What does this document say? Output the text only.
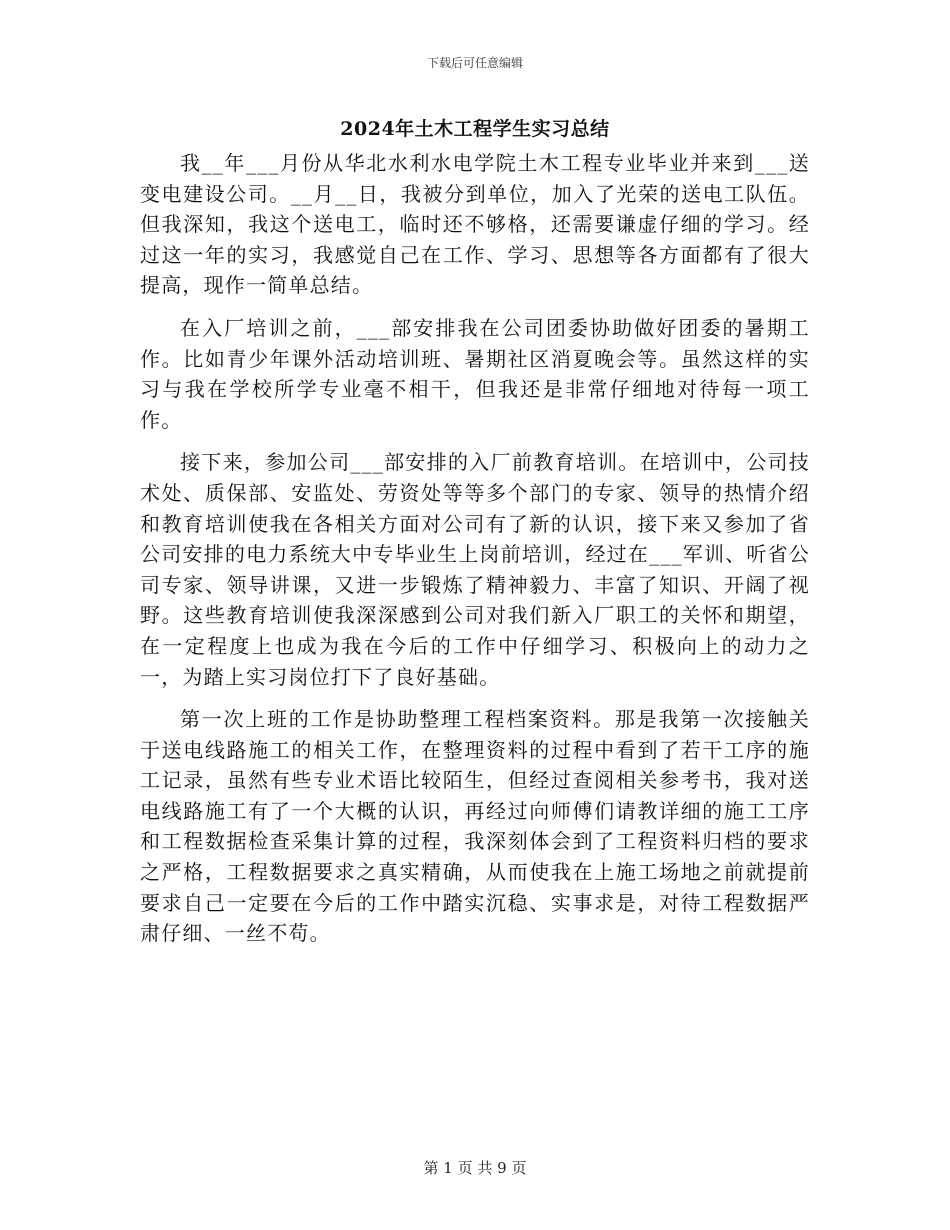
下载后可任意编辑
2024年土木工程学生实习总结

我__年___月份从华北水利水电学院土木工程专业毕业并来到___送变电建设公司。__月__日，我被分到单位，加入了光荣的送电工队伍。但我深知，我这个送电工，临时还不够格，还需要谦虚仔细的学习。经过这一年的实习，我感觉自己在工作、学习、思想等各方面都有了很大提高，现作一简单总结。

在入厂培训之前，___部安排我在公司团委协助做好团委的暑期工作。比如青少年课外活动培训班、暑期社区消夏晚会等。虽然这样的实习与我在学校所学专业毫不相干，但我还是非常仔细地对待每一项工作。

接下来，参加公司___部安排的入厂前教育培训。在培训中，公司技术处、质保部、安监处、劳资处等等多个部门的专家、领导的热情介绍和教育培训使我在各相关方面对公司有了新的认识，接下来又参加了省公司安排的电力系统大中专毕业生上岗前培训，经过在___军训、听省公司专家、领导讲课，又进一步锻炼了精神毅力、丰富了知识、开阔了视野。这些教育培训使我深深感到公司对我们新入厂职工的关怀和期望，在一定程度上也成为我在今后的工作中仔细学习、积极向上的动力之一，为踏上实习岗位打下了良好基础。

第一次上班的工作是协助整理工程档案资料。那是我第一次接触关于送电线路施工的相关工作，在整理资料的过程中看到了若干工序的施工记录，虽然有些专业术语比较陌生，但经过查阅相关参考书，我对送电线路施工有了一个大概的认识，再经过向师傅们请教详细的施工工序和工程数据检查采集计算的过程，我深刻体会到了工程资料归档的要求之严格，工程数据要求之真实精确，从而使我在上施工场地之前就提前要求自己一定要在今后的工作中踏实沉稳、实事求是，对待工程数据严肃仔细、一丝不苟。

第 1 页 共 9 页
